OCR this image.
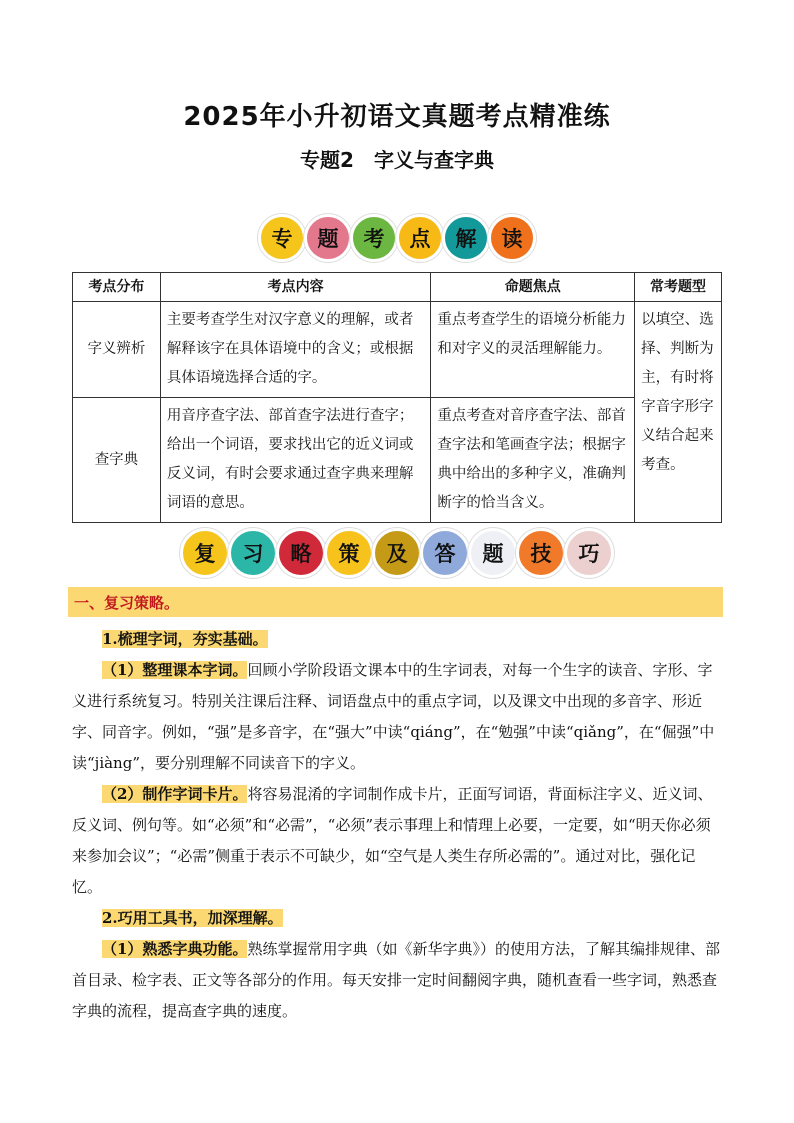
2025年小升初语文真题考点精准练
专题2　字义与查字典
专	题	考	点	解	读
考点分布	考点内容	命题焦点	常考题型
字义辨析	主要考查学生对汉字意义的理解，或者解释该字在具体语境中的含义；或根据具体语境选择合适的字。	重点考查学生的语境分析能力和对字义的灵活理解能力。	以填空、选择、判断为主，有时将字音字形字义结合起来考查。
查字典	用音序查字法、部首查字法进行查字；给出一个词语，要求找出它的近义词或反义词，有时会要求通过查字典来理解词语的意思。	重点考查对音序查字法、部首查字法和笔画查字法；根据字典中给出的多种字义，准确判断字的恰当含义。	
复	习	略	策	及	答	题	技	巧
一、复习策略。

1.梳理字词，夯实基础。

（1）整理课本字词。回顾小学阶段语文课本中的生字词表，对每一个生字的读音、字形、字义进行系统复习。特别关注课后注释、词语盘点中的重点字词，以及课文中出现的多音字、形近字、同音字。例如，“强”是多音字，在“强大”中读“qiáng”，在“勉强”中读“qiǎng”，在“倔强”中读“jiàng”，要分别理解不同读音下的字义。

（2）制作字词卡片。将容易混淆的字词制作成卡片，正面写词语，背面标注字义、近义词、反义词、例句等。如“必须”和“必需”，“必须”表示事理上和情理上必要，一定要，如“明天你必须来参加会议”；“必需”侧重于表示不可缺少，如“空气是人类生存所必需的”。通过对比，强化记忆。

2.巧用工具书，加深理解。

（1）熟悉字典功能。熟练掌握常用字典（如《新华字典》）的使用方法，了解其编排规律、部首目录、检字表、正文等各部分的作用。每天安排一定时间翻阅字典，随机查看一些字词，熟悉查字典的流程，提高查字典的速度。
